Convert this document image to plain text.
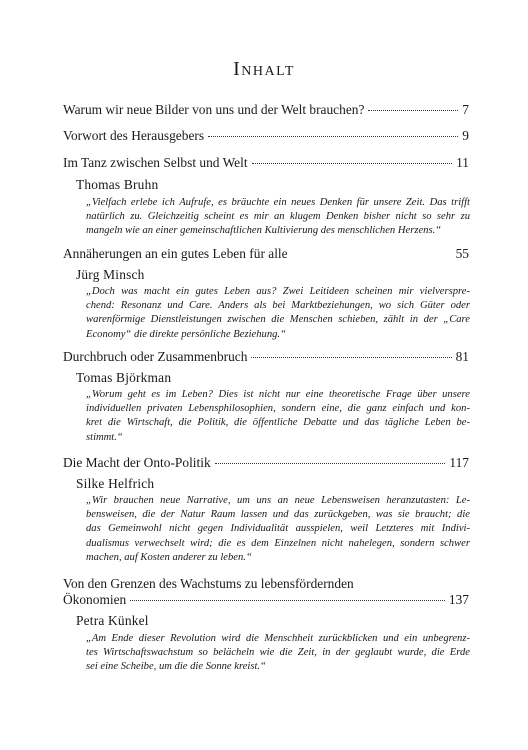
Inhalt
Warum wir neue Bilder von uns und der Welt brauchen?	7
Vorwort des Herausgebers	9
Im Tanz zwischen Selbst und Welt	11
Thomas Bruhn

„Vielfach erlebe ich Aufrufe, es bräuchte ein neues Denken für unsere Zeit. Das trifft
natürlich zu. Gleichzeitig scheint es mir an klugem Denken bisher nicht so sehr zu
mangeln wie an einer gemeinschaftlichen Kultivierung des menschlichen Herzens.“

Annäherungen an ein gutes Leben für alle	55
Jürg Minsch

„Doch was macht ein gutes Leben aus? Zwei Leitideen scheinen mir vielverspre-
chend: Resonanz und Care. Anders als bei Marktbeziehungen, wo sich Güter oder
warenförmige Dienstleistungen zwischen die Menschen schieben, zählt in der „Care
Economy“ die direkte persönliche Beziehung.“

Durchbruch oder Zusammenbruch	81
Tomas Björkman

„Worum geht es im Leben? Dies ist nicht nur eine theoretische Frage über unsere
individuellen privaten Lebensphilosophien, sondern eine, die ganz einfach und kon-
kret die Wirtschaft, die Politik, die öffentliche Debatte und das tägliche Leben be-
stimmt.“

Die Macht der Onto-Politik	117
Silke Helfrich

„Wir brauchen neue Narrative, um uns an neue Lebensweisen heranzutasten: Le-
bensweisen, die der Natur Raum lassen und das zurückgeben, was sie braucht; die
das Gemeinwohl nicht gegen Individualität ausspielen, weil Letzteres mit Indivi-
dualismus verwechselt wird; die es dem Einzelnen nicht nahelegen, sondern schwer
machen, auf Kosten anderer zu leben.“

Von den Grenzen des Wachstums zu lebensfördernden
Ökonomien	137
Petra Künkel

„Am Ende dieser Revolution wird die Menschheit zurückblicken und ein unbegrenz-
tes Wirtschaftswachstum so belächeln wie die Zeit, in der geglaubt wurde, die Erde
sei eine Scheibe, um die die Sonne kreist.“
